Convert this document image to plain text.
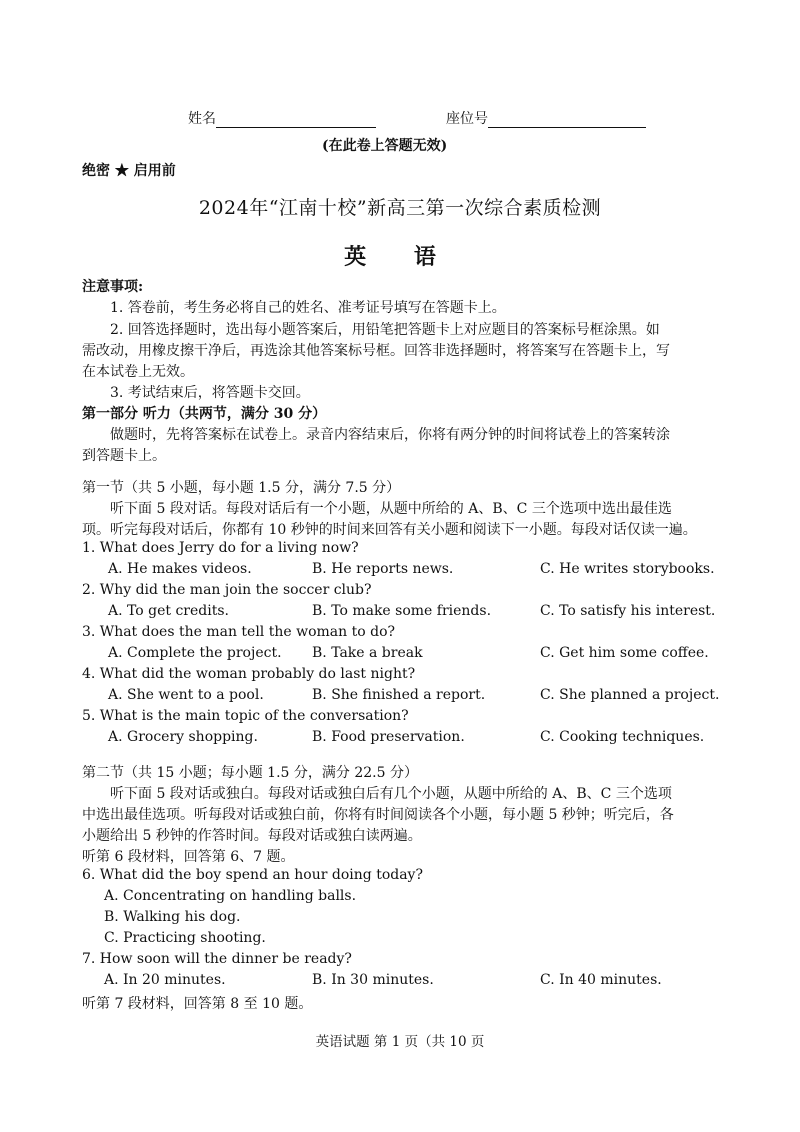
姓名	座位号
(在此卷上答题无效)
绝密 ★ 启用前
2024年“江南十校”新高三第一次综合素质检测
英 语
注意事项:
1. 答卷前，考生务必将自己的姓名、准考证号填写在答题卡上。
2. 回答选择题时，选出每小题答案后，用铅笔把答题卡上对应题目的答案标号框涂黑。如
需改动，用橡皮擦干净后，再选涂其他答案标号框。回答非选择题时，将答案写在答题卡上，写
在本试卷上无效。
3. 考试结束后，将答题卡交回。
第一部分 听力（共两节，满分 30 分）
做题时，先将答案标在试卷上。录音内容结束后，你将有两分钟的时间将试卷上的答案转涂
到答题卡上。
第一节（共 5 小题，每小题 1.5 分，满分 7.5 分）
听下面 5 段对话。每段对话后有一个小题，从题中所给的 A、B、C 三个选项中选出最佳选
项。听完每段对话后，你都有 10 秒钟的时间来回答有关小题和阅读下一小题。每段对话仅读一遍。
1. What does Jerry do for a living now?
A. He makes videos.	B. He reports news.	C. He writes storybooks.
2. Why did the man join the soccer club?
A. To get credits.	B. To make some friends.	C. To satisfy his interest.
3. What does the man tell the woman to do?
A. Complete the project. B. Take a break	C. Get him some coffee.
4. What did the woman probably do last night?
A. She went to a pool.	B. She finished a report.	C. She planned a project.
5. What is the main topic of the conversation?
A. Grocery shopping.	B. Food preservation.	C. Cooking techniques.
第二节（共 15 小题；每小题 1.5 分，满分 22.5 分）
听下面 5 段对话或独白。每段对话或独白后有几个小题，从题中所给的 A、B、C 三个选项
中选出最佳选项。听每段对话或独白前，你将有时间阅读各个小题，每小题 5 秒钟；听完后，各
小题给出 5 秒钟的作答时间。每段对话或独白读两遍。
听第 6 段材料，回答第 6、7 题。
6. What did the boy spend an hour doing today?
A. Concentrating on handling balls.
B. Walking his dog.
C. Practicing shooting.
7. How soon will the dinner be ready?
A. In 20 minutes.	B. In 30 minutes.	C. In 40 minutes.
听第 7 段材料，回答第 8 至 10 题。
英语试题 第 1 页（共 10 页
